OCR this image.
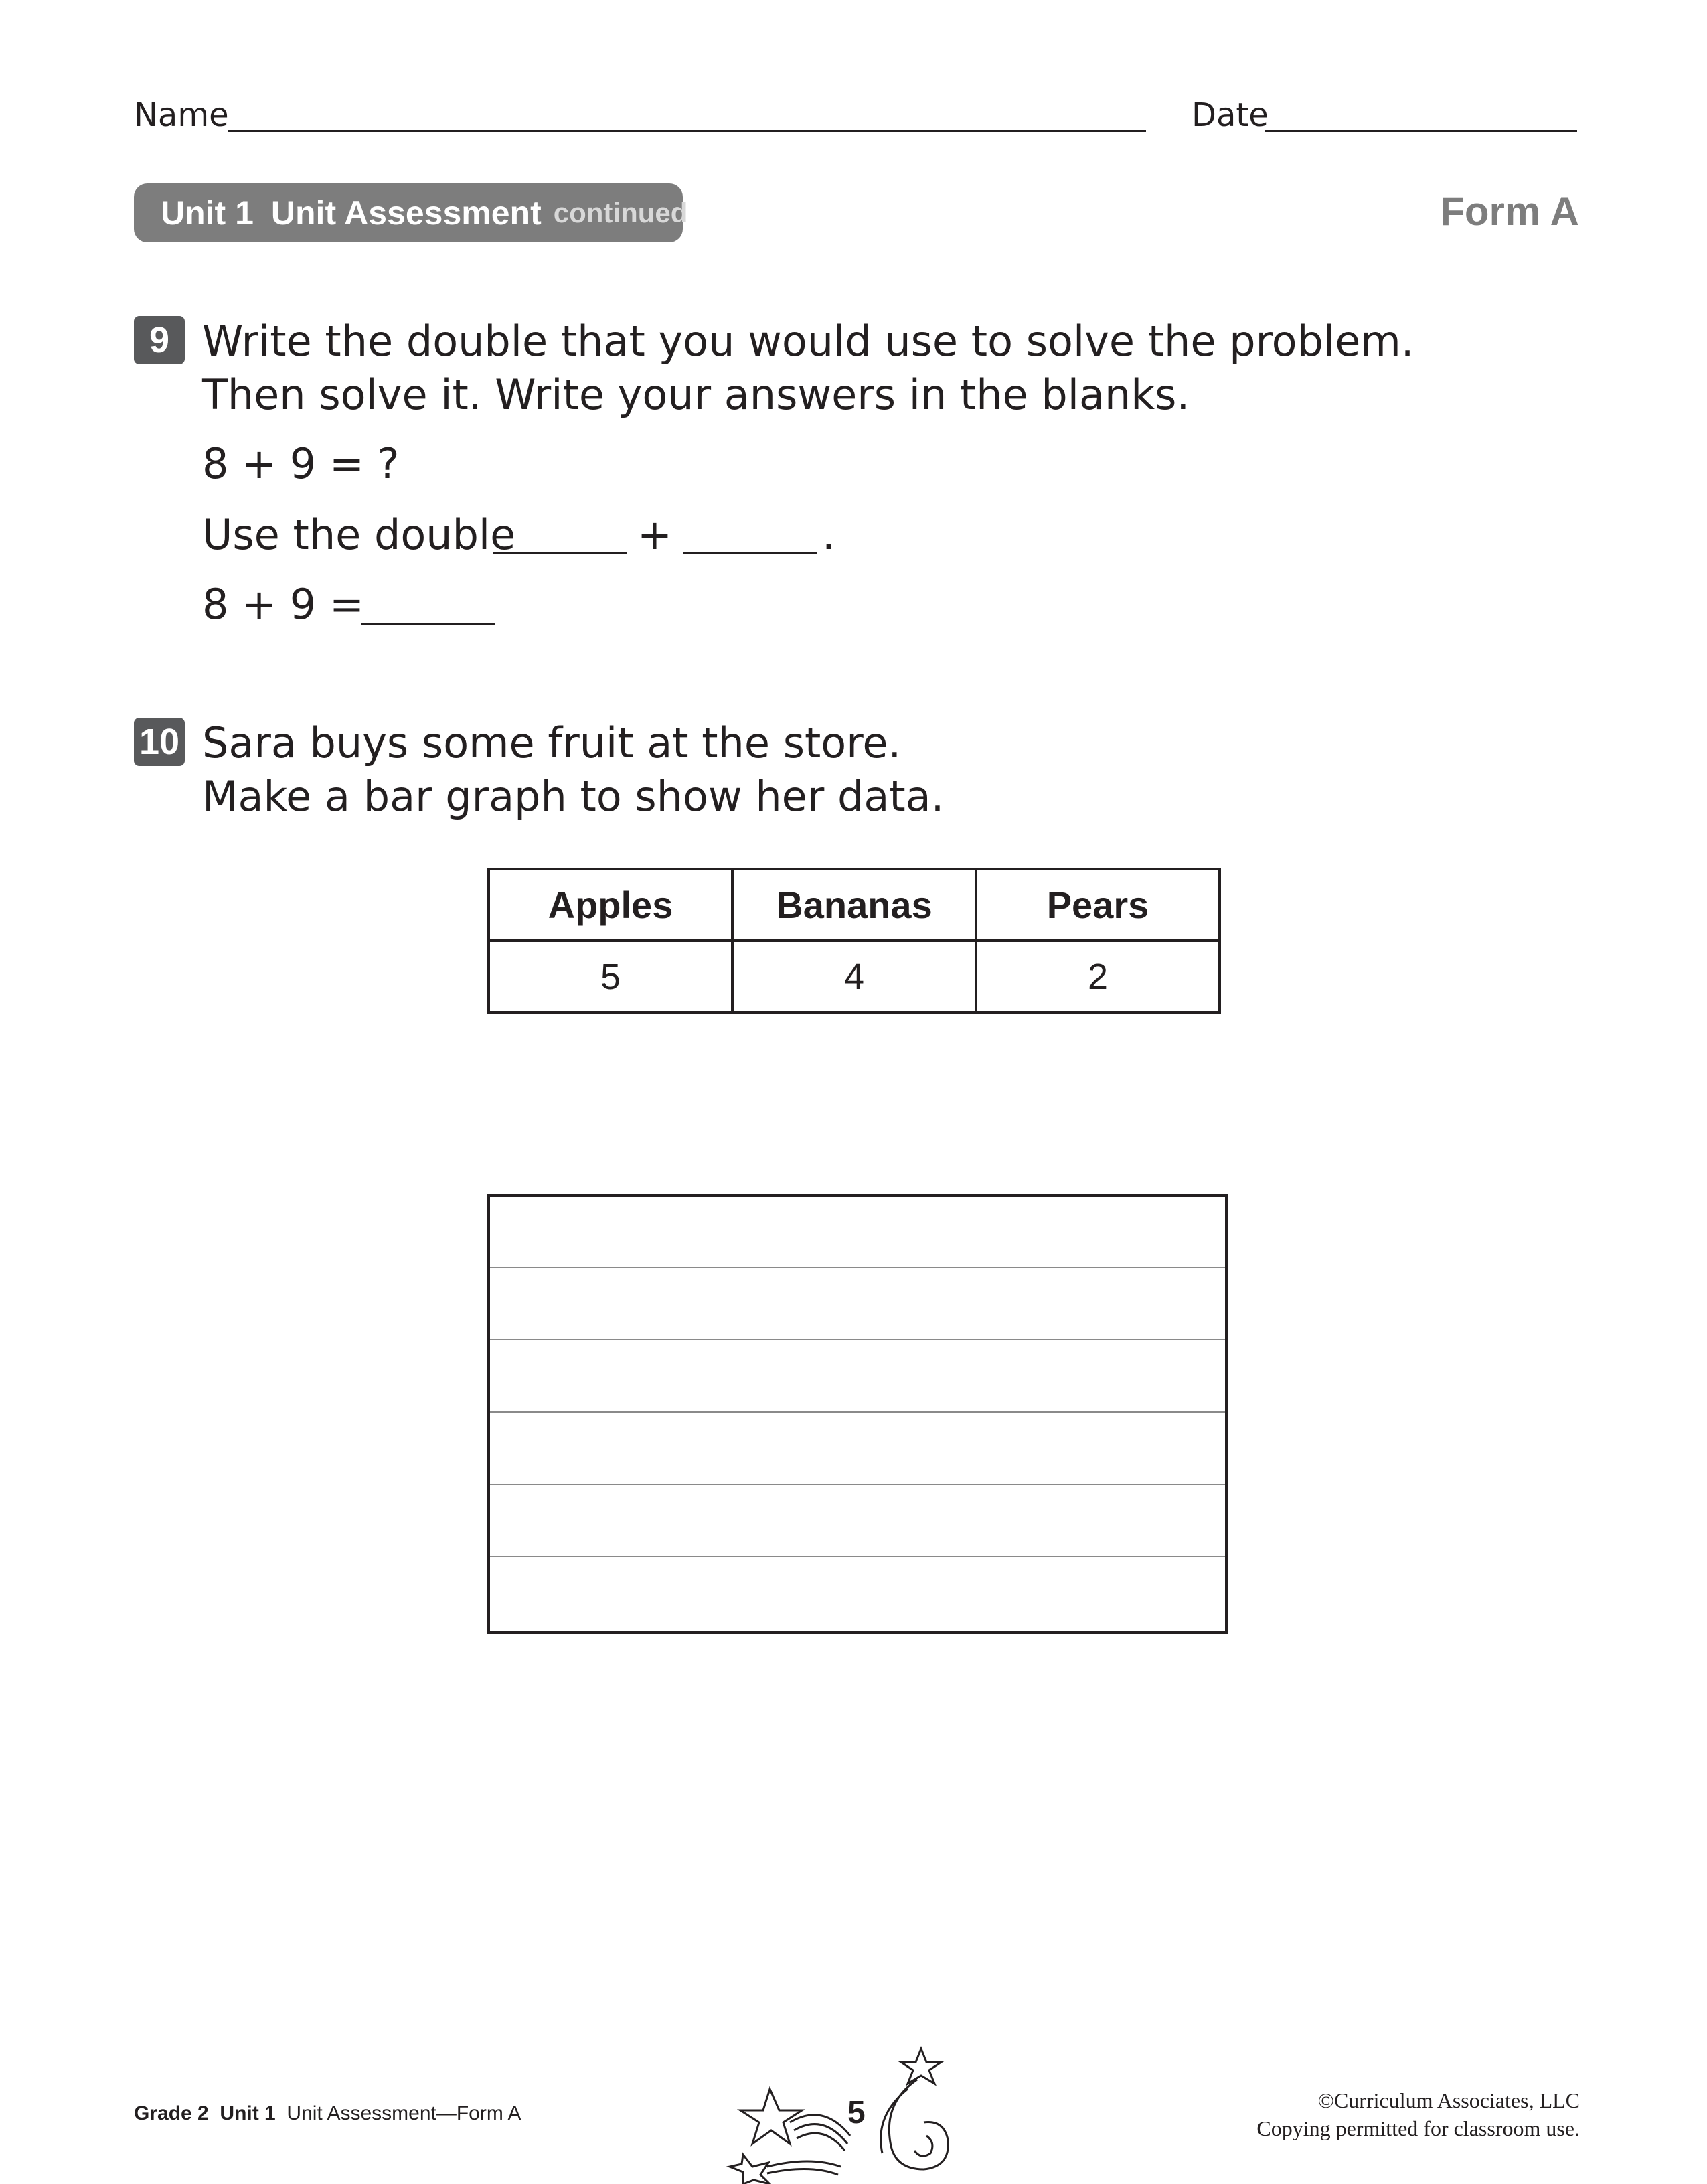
Name	Date
Unit 1 Unit Assessment continued	Form A
9 Write the double that you would use to solve the problem.
Then solve it. Write your answers in the blanks.
8 + 9 = ?
Use the double	+	.
8 + 9 =
10 Sara buys some fruit at the store.
Make a bar graph to show her data.
Apples	Bananas	Pears
5	4	2
Grade 2 Unit 1 Unit Assessment—Form A	5	©Curriculum Associates, LLC
Copying permitted for classroom use.
